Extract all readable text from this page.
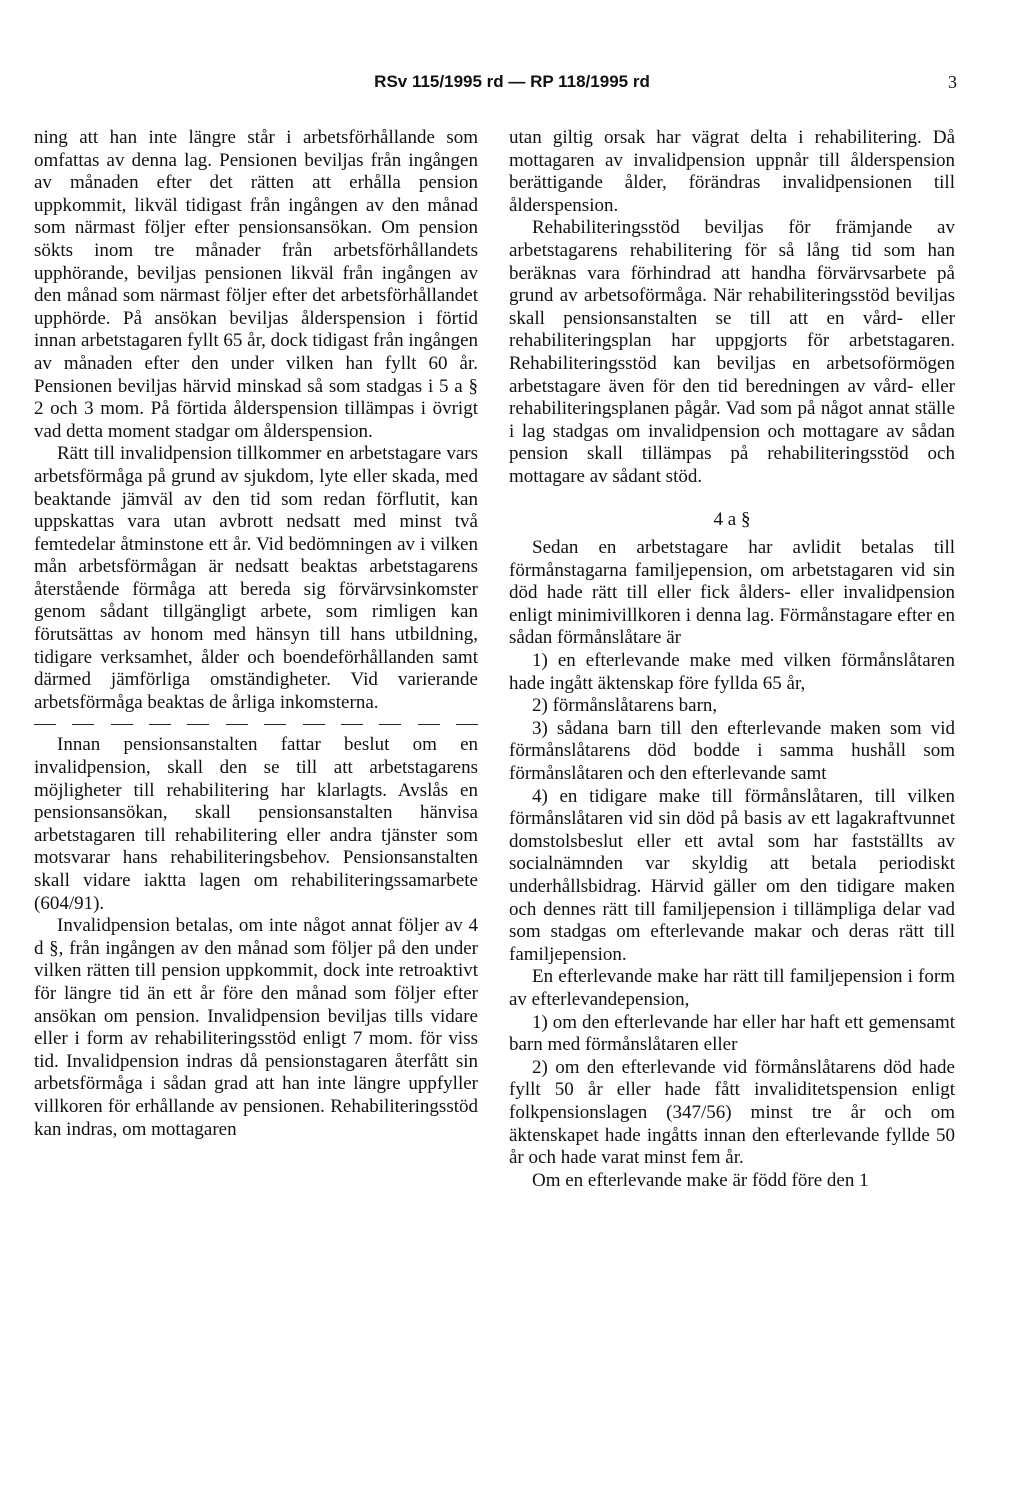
RSv 115/1995 rd — RP 118/1995 rd	3

ning att han inte längre står i arbetsförhållande som omfattas av denna lag. Pensionen beviljas från ingången av månaden efter det rätten att erhålla pension uppkommit, likväl tidigast från ingången av den månad som närmast följer efter pensionsansökan. Om pension sökts inom tre månader från arbetsförhållandets upphörande, beviljas pensionen likväl från ingången av den månad som närmast följer efter det arbetsförhållandet upphörde. På ansökan beviljas ålderspension i förtid innan arbetstagaren fyllt 65 år, dock tidigast från ingången av månaden efter den under vilken han fyllt 60 år. Pensionen beviljas härvid minskad så som stadgas i 5 a § 2 och 3 mom. På förtida ålderspension tillämpas i övrigt vad detta moment stadgar om ålderspension.

Rätt till invalidpension tillkommer en arbetstagare vars arbetsförmåga på grund av sjukdom, lyte eller skada, med beaktande jämväl av den tid som redan förflutit, kan uppskattas vara utan avbrott nedsatt med minst två femtedelar åtminstone ett år. Vid bedömningen av i vilken mån arbetsförmågan är nedsatt beaktas arbetstagarens återstående förmåga att bereda sig förvärvsinkomster genom sådant tillgängligt arbete, som rimligen kan förutsättas av honom med hänsyn till hans utbildning, tidigare verksamhet, ålder och boendeförhållanden samt därmed jämförliga omständigheter. Vid varierande arbetsförmåga beaktas de årliga inkomsterna.

Innan pensionsanstalten fattar beslut om en invalidpension, skall den se till att arbetstagarens möjligheter till rehabilitering har klarlagts. Avslås en pensionsansökan, skall pensionsanstalten hänvisa arbetstagaren till rehabilitering eller andra tjänster som motsvarar hans rehabiliteringsbehov. Pensionsanstalten skall vidare iaktta lagen om rehabiliteringssamarbete (604/91).

Invalidpension betalas, om inte något annat följer av 4 d §, från ingången av den månad som följer på den under vilken rätten till pension uppkommit, dock inte retroaktivt för längre tid än ett år före den månad som följer efter ansökan om pension. Invalidpension beviljas tills vidare eller i form av rehabiliteringsstöd enligt 7 mom. för viss tid. Invalidpension indras då pensionstagaren återfått sin arbetsförmåga i sådan grad att han inte längre uppfyller villkoren för erhållande av pensionen. Rehabiliteringsstöd kan indras, om mottagaren

utan giltig orsak har vägrat delta i rehabilitering. Då mottagaren av invalidpension uppnår till ålderspension berättigande ålder, förändras invalidpensionen till ålderspension.

Rehabiliteringsstöd beviljas för främjande av arbetstagarens rehabilitering för så lång tid som han beräknas vara förhindrad att handha förvärvsarbete på grund av arbetsoförmåga. När rehabiliteringsstöd beviljas skall pensionsanstalten se till att en vård- eller rehabiliteringsplan har uppgjorts för arbetstagaren. Rehabiliteringsstöd kan beviljas en arbetsoförmögen arbetstagare även för den tid beredningen av vård- eller rehabiliteringsplanen pågår. Vad som på något annat ställe i lag stadgas om invalidpension och mottagare av sådan pension skall tillämpas på rehabiliteringsstöd och mottagare av sådant stöd.

4 a §

Sedan en arbetstagare har avlidit betalas till förmånstagarna familjepension, om arbetstagaren vid sin död hade rätt till eller fick ålders- eller invalidpension enligt minimivillkoren i denna lag. Förmånstagare efter en sådan förmånslåtare är

1) en efterlevande make med vilken förmånslåtaren hade ingått äktenskap före fyllda 65 år,

2) förmånslåtarens barn,

3) sådana barn till den efterlevande maken som vid förmånslåtarens död bodde i samma hushåll som förmånslåtaren och den efterlevande samt

4) en tidigare make till förmånslåtaren, till vilken förmånslåtaren vid sin död på basis av ett lagakraftvunnet domstolsbeslut eller ett avtal som har fastställts av socialnämnden var skyldig att betala periodiskt underhållsbidrag. Härvid gäller om den tidigare maken och dennes rätt till familjepension i tillämpliga delar vad som stadgas om efterlevande makar och deras rätt till familjepension.

En efterlevande make har rätt till familjepension i form av efterlevandepension,

1) om den efterlevande har eller har haft ett gemensamt barn med förmånslåtaren eller

2) om den efterlevande vid förmånslåtarens död hade fyllt 50 år eller hade fått invaliditetspension enligt folkpensionslagen (347/56) minst tre år och om äktenskapet hade ingåtts innan den efterlevande fyllde 50 år och hade varat minst fem år.

Om en efterlevande make är född före den 1
